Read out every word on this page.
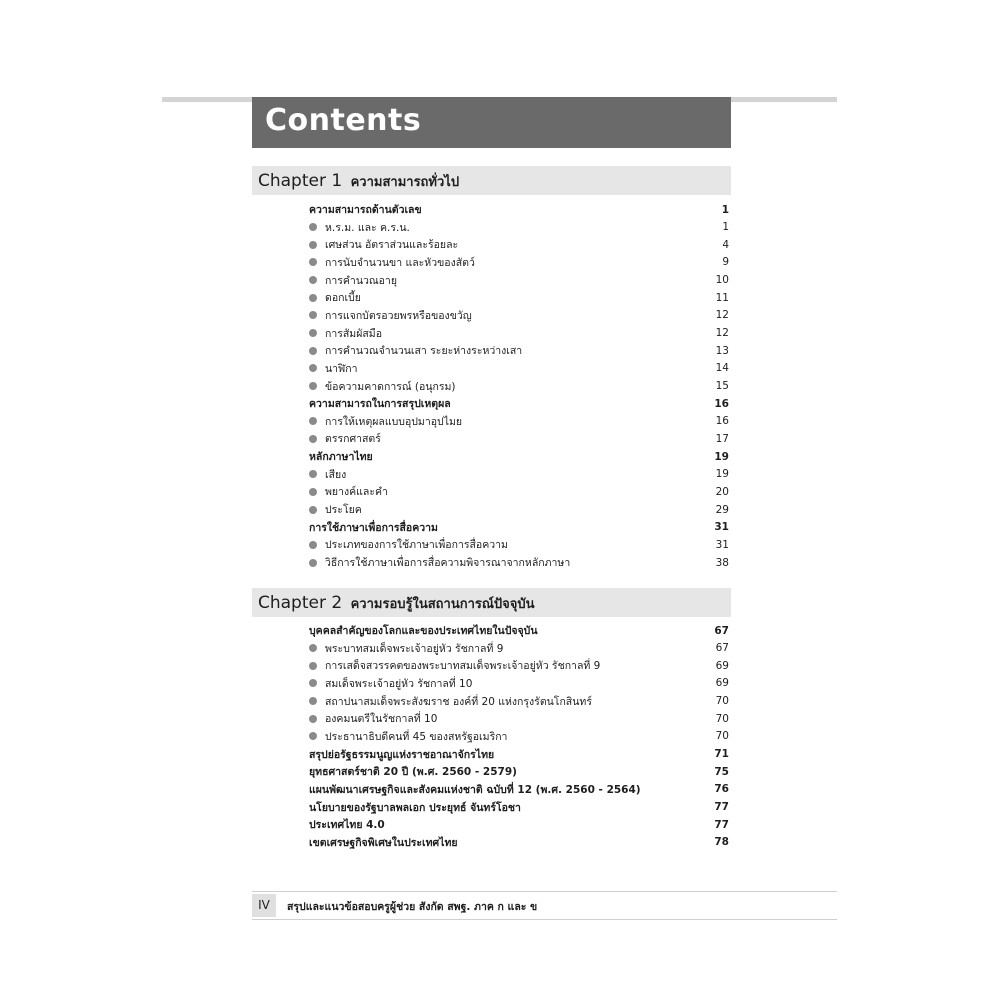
Contents
Chapter 1 ความสามารถทั่วไป
ความสามารถด้านตัวเลข	1
ห.ร.ม. และ ค.ร.น.	1
เศษส่วน อัตราส่วนและร้อยละ	4
การนับจำนวนขา และหัวของสัตว์	9
การคำนวณอายุ	10
ดอกเบี้ย	11
การแจกบัตรอวยพรหรือของขวัญ	12
การสัมผัสมือ	12
การคำนวณจำนวนเสา ระยะห่างระหว่างเสา	13
นาฬิกา	14
ข้อความคาดการณ์ (อนุกรม)	15
ความสามารถในการสรุปเหตุผล	16
การให้เหตุผลแบบอุปมาอุปไมย	16
ตรรกศาสตร์	17
หลักภาษาไทย	19
เสียง	19
พยางค์และคำ	20
ประโยค	29
การใช้ภาษาเพื่อการสื่อความ	31
ประเภทของการใช้ภาษาเพื่อการสื่อความ	31
วิธีการใช้ภาษาเพื่อการสื่อความพิจารณาจากหลักภาษา	38
Chapter 2 ความรอบรู้ในสถานการณ์ปัจจุบัน
บุคคลสำคัญของโลกและของประเทศไทยในปัจจุบัน	67
พระบาทสมเด็จพระเจ้าอยู่หัว รัชกาลที่ 9	67
การเสด็จสวรรคตของพระบาทสมเด็จพระเจ้าอยู่หัว รัชกาลที่ 9	69
สมเด็จพระเจ้าอยู่หัว รัชกาลที่ 10	69
สถาปนาสมเด็จพระสังฆราช องค์ที่ 20 แห่งกรุงรัตนโกสินทร์	70
องคมนตรีในรัชกาลที่ 10	70
ประธานาธิบดีคนที่ 45 ของสหรัฐอเมริกา	70
สรุปย่อรัฐธรรมนูญแห่งราชอาณาจักรไทย	71
ยุทธศาสตร์ชาติ 20 ปี (พ.ศ. 2560 - 2579)	75
แผนพัฒนาเศรษฐกิจและสังคมแห่งชาติ ฉบับที่ 12 (พ.ศ. 2560 - 2564)	76
นโยบายของรัฐบาลพลเอก ประยุทธ์ จันทร์โอชา	77
ประเทศไทย 4.0	77
เขตเศรษฐกิจพิเศษในประเทศไทย	78
IV	สรุปและแนวข้อสอบครูผู้ช่วย สังกัด สพฐ. ภาค ก และ ข
